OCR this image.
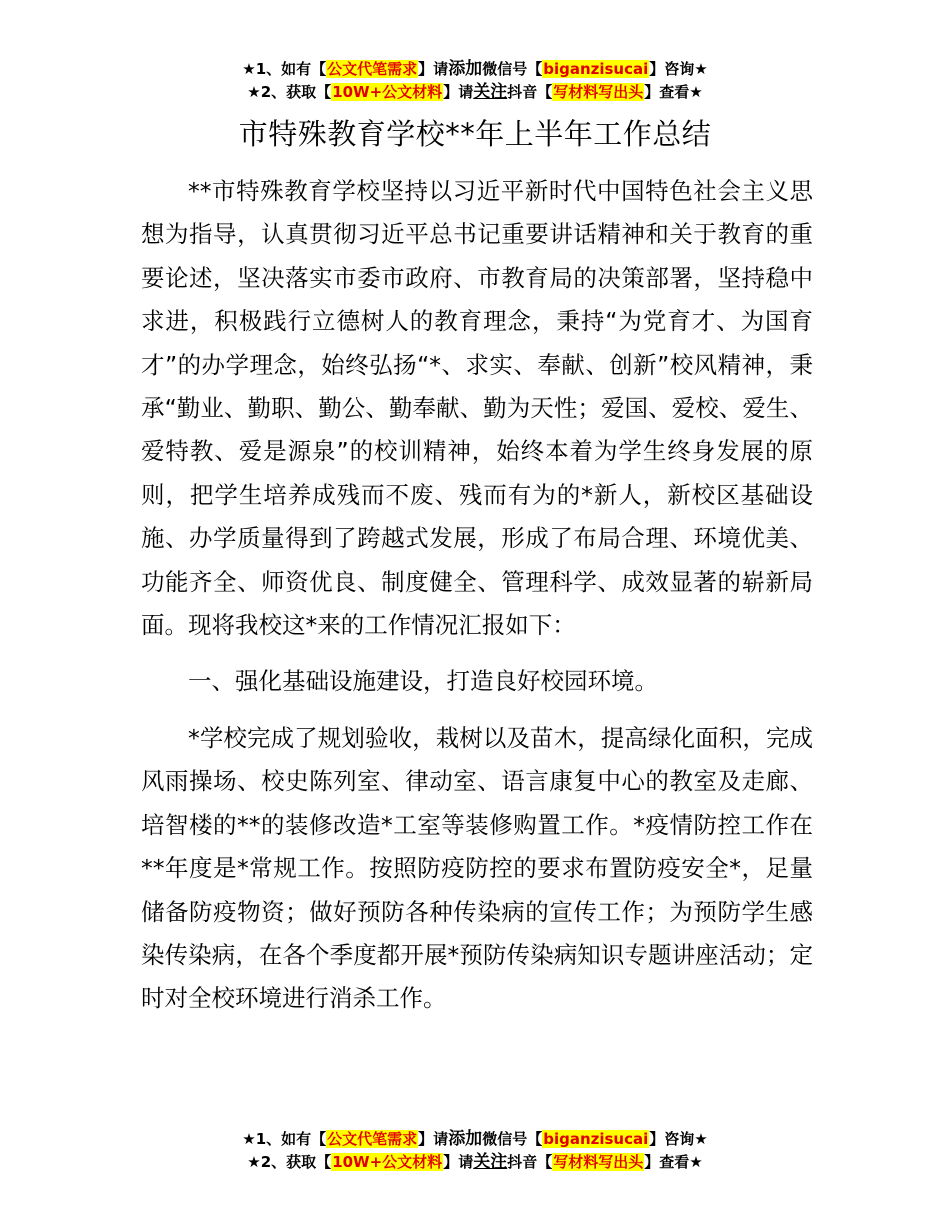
★1、如有【公文代笔需求】请添加微信号【biganzisucai】咨询★
★2、获取【10W+公文材料】请关注抖音【写材料写出头】查看★
市特殊教育学校**年上半年工作总结

**市特殊教育学校坚持以习近平新时代中国特色社会主义思想为指导，认真贯彻习近平总书记重要讲话精神和关于教育的重要论述，坚决落实市委市政府、市教育局的决策部署，坚持稳中求进，积极践行立德树人的教育理念，秉持“为党育才、为国育才”的办学理念，始终弘扬“*、求实、奉献、创新”校风精神，秉承“勤业、勤职、勤公、勤奉献、勤为天性；爱国、爱校、爱生、爱特教、爱是源泉”的校训精神，始终本着为学生终身发展的原则，把学生培养成残而不废、残而有为的*新人，新校区基础设施、办学质量得到了跨越式发展，形成了布局合理、环境优美、功能齐全、师资优良、制度健全、管理科学、成效显著的崭新局面。现将我校这*来的工作情况汇报如下：

一、强化基础设施建设，打造良好校园环境。

*学校完成了规划验收，栽树以及苗木，提高绿化面积，完成风雨操场、校史陈列室、律动室、语言康复中心的教室及走廊、培智楼的**的装修改造*工室等装修购置工作。*疫情防控工作在**年度是*常规工作。按照防疫防控的要求布置防疫安全*，足量储备防疫物资；做好预防各种传染病的宣传工作；为预防学生感染传染病，在各个季度都开展*预防传染病知识专题讲座活动；定时对全校环境进行消杀工作。

★1、如有【公文代笔需求】请添加微信号【biganzisucai】咨询★
★2、获取【10W+公文材料】请关注抖音【写材料写出头】查看★
